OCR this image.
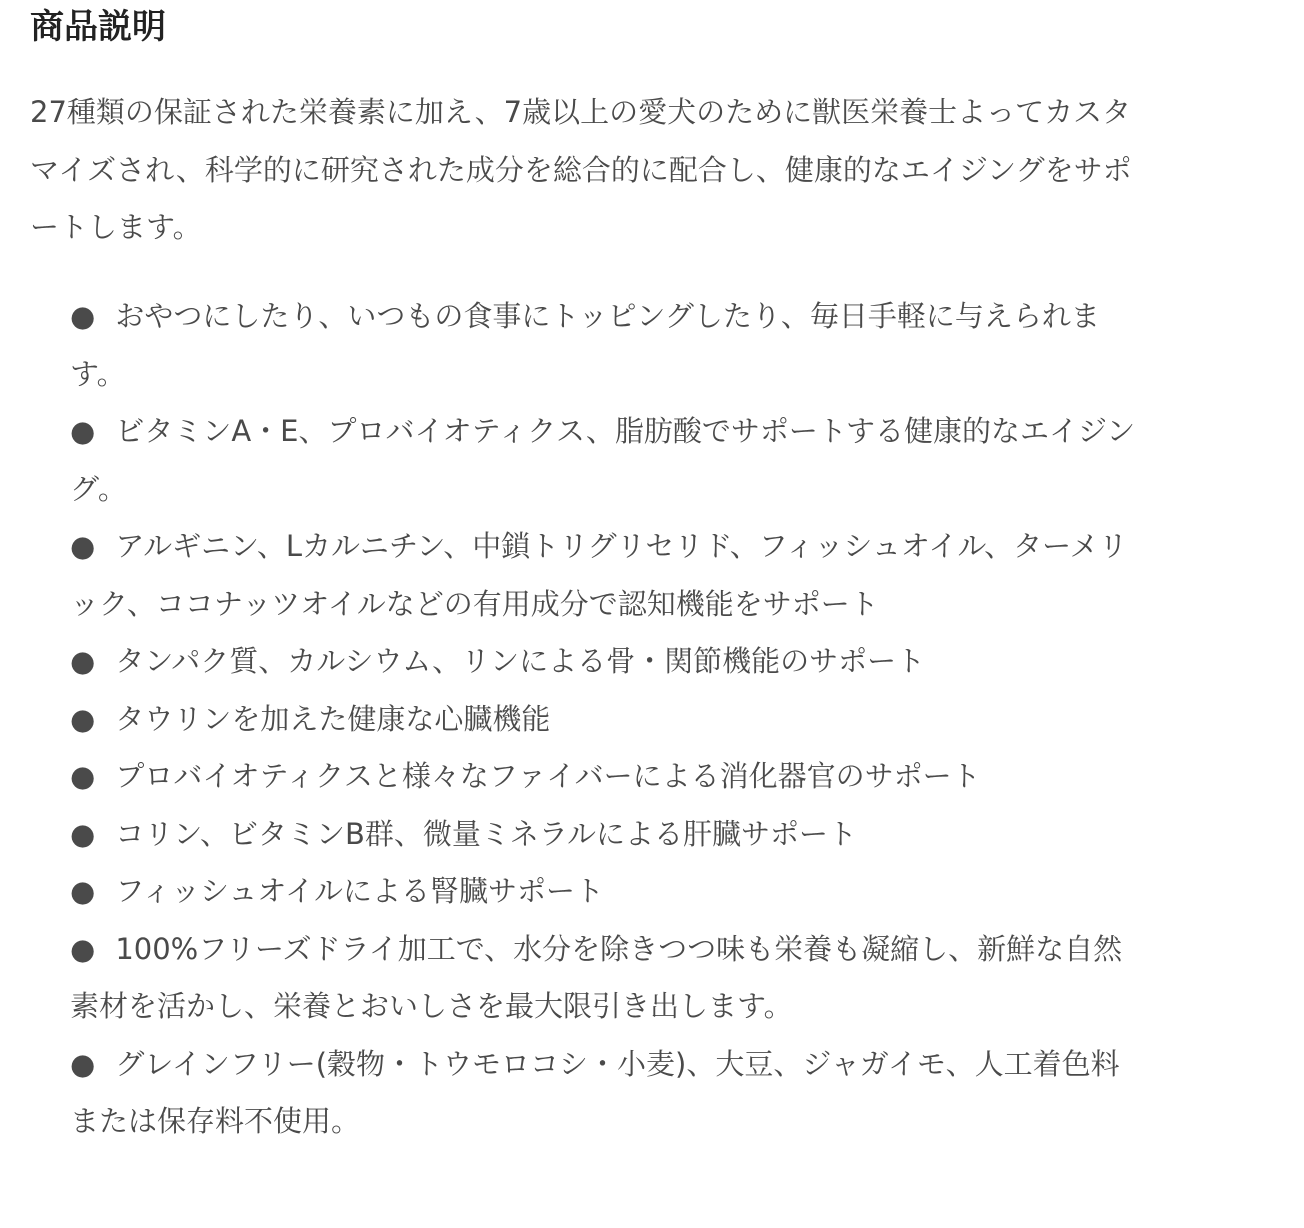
商品説明

27種類の保証された栄養素に加え、7歳以上の愛犬のために獣医栄養士よってカスタマイズされ、科学的に研究された成分を総合的に配合し、健康的なエイジングをサポートします。

● おやつにしたり、いつもの食事にトッピングしたり、毎日手軽に与えられます。
● ビタミンA・E、プロバイオティクス、脂肪酸でサポートする健康的なエイジング。
● アルギニン、Lカルニチン、中鎖トリグリセリド、フィッシュオイル、ターメリック、ココナッツオイルなどの有用成分で認知機能をサポート
● タンパク質、カルシウム、リンによる骨・関節機能のサポート
● タウリンを加えた健康な心臓機能
● プロバイオティクスと様々なファイバーによる消化器官のサポート
● コリン、ビタミンB群、微量ミネラルによる肝臓サポート
● フィッシュオイルによる腎臓サポート
● 100%フリーズドライ加工で、水分を除きつつ味も栄養も凝縮し、新鮮な自然素材を活かし、栄養とおいしさを最大限引き出します。
● グレインフリー(穀物・トウモロコシ・小麦)、大豆、ジャガイモ、人工着色料または保存料不使用。
